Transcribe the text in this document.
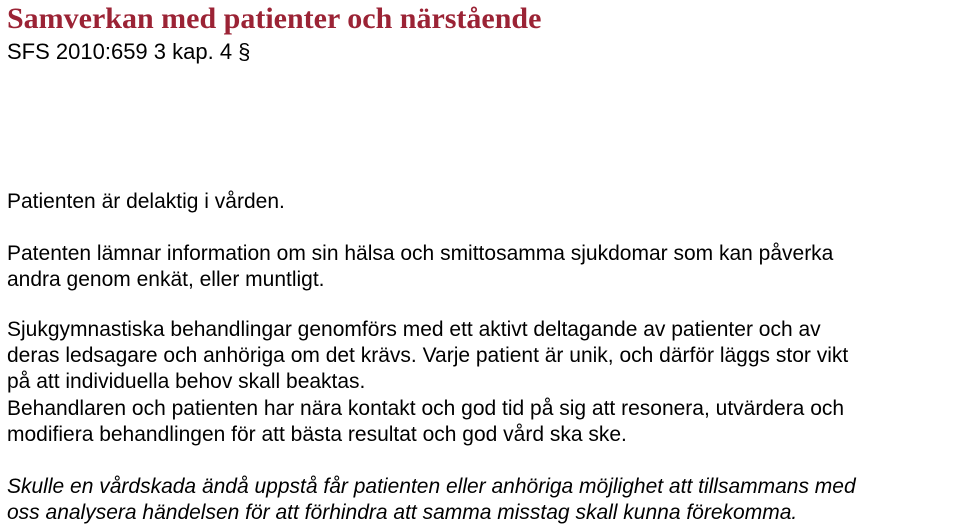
Samverkan med patienter och närstående
SFS 2010:659 3 kap. 4 §

Patienten är delaktig i vården.

Patenten lämnar information om sin hälsa och smittosamma sjukdomar som kan påverka
andra genom enkät, eller muntligt.

Sjukgymnastiska behandlingar genomförs med ett aktivt deltagande av patienter och av
deras ledsagare och anhöriga om det krävs. Varje patient är unik, och därför läggs stor vikt
på att individuella behov skall beaktas.

Behandlaren och patienten har nära kontakt och god tid på sig att resonera, utvärdera och
modifiera behandlingen för att bästa resultat och god vård ska ske.

Skulle en vårdskada ändå uppstå får patienten eller anhöriga möjlighet att tillsammans med
oss analysera händelsen för att förhindra att samma misstag skall kunna förekomma.
